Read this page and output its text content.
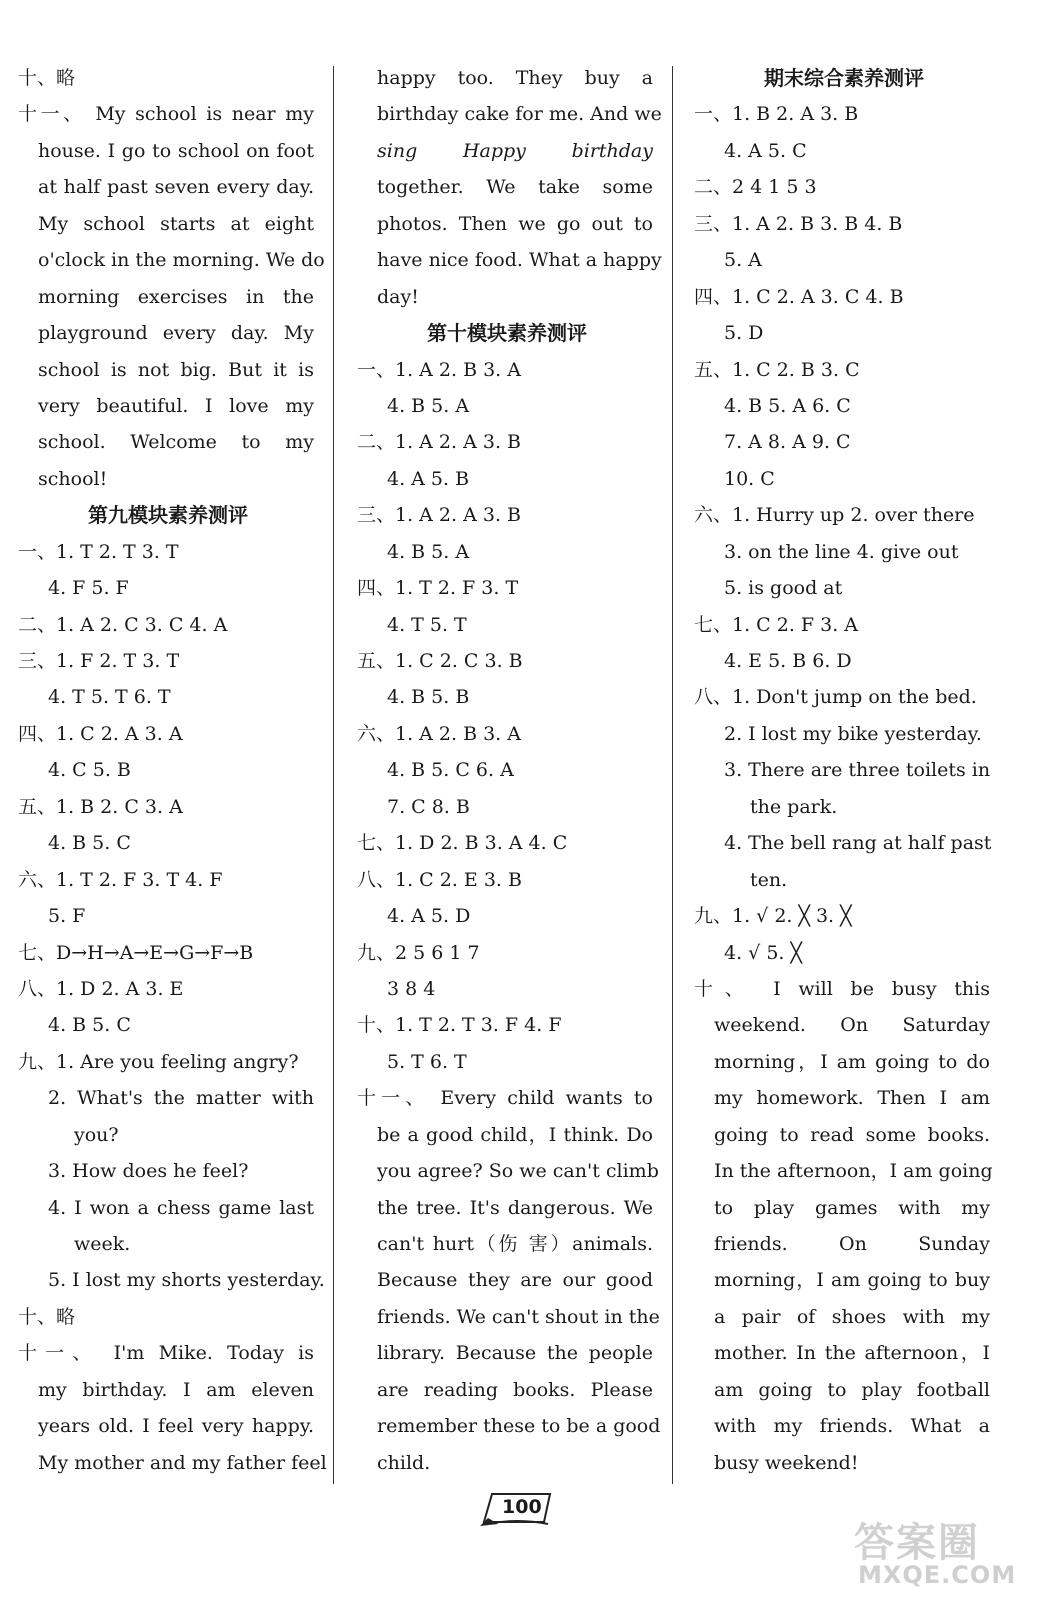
十、略
十一、 My school is near my
house. I go to school on foot
at half past seven every day.
My school starts at eight
o'clock in the morning. We do
morning exercises in the
playground every day. My
school is not big. But it is
very beautiful. I love my
school. Welcome to my
school!
第九模块素养测评
一、1. T 2. T 3. T
4. F 5. F
二、1. A 2. C 3. C 4. A
三、1. F 2. T 3. T
4. T 5. T 6. T
四、1. C 2. A 3. A
4. C 5. B
五、1. B 2. C 3. A
4. B 5. C
六、1. T 2. F 3. T 4. F
5. F
七、D→H→A→E→G→F→B
八、1. D 2. A 3. E
4. B 5. C
九、1. Are you feeling angry?
2. What's the matter with
you?
3. How does he feel?
4. I won a chess game last
week.
5. I lost my shorts yesterday.
十、略
十一、 I'm Mike. Today is
my birthday. I am eleven
years old. I feel very happy.
My mother and my father feel
happy too. They buy a
birthday cake for me. And we
sing Happy birthday
together. We take some
photos. Then we go out to
have nice food. What a happy
day!
第十模块素养测评
一、1. A 2. B 3. A
4. B 5. A
二、1. A 2. A 3. B
4. A 5. B
三、1. A 2. A 3. B
4. B 5. A
四、1. T 2. F 3. T
4. T 5. T
五、1. C 2. C 3. B
4. B 5. B
六、1. A 2. B 3. A
4. B 5. C 6. A
7. C 8. B
七、1. D 2. B 3. A 4. C
八、1. C 2. E 3. B
4. A 5. D
九、2 5 6 1 7
3 8 4
十、1. T 2. T 3. F 4. F
5. T 6. T
十一、 Every child wants to
be a good child，I think. Do
you agree? So we can't climb
the tree. It's dangerous. We
can't hurt（伤 害）animals.
Because they are our good
friends. We can't shout in the
library. Because the people
are reading books. Please
remember these to be a good
child.
期末综合素养测评
一、1. B 2. A 3. B
4. A 5. C
二、2 4 1 5 3
三、1. A 2. B 3. B 4. B
5. A
四、1. C 2. A 3. C 4. B
5. D
五、1. C 2. B 3. C
4. B 5. A 6. C
7. A 8. A 9. C
10. C
六、1. Hurry up 2. over there
3. on the line 4. give out
5. is good at
七、1. C 2. F 3. A
4. E 5. B 6. D
八、1. Don't jump on the bed.
2. I lost my bike yesterday.
3. There are three toilets in
the park.
4. The bell rang at half past
ten.
九、1. √ 2. ╳ 3. ╳
4. √ 5. ╳
十、 I will be busy this
weekend. On Saturday
morning，I am going to do
my homework. Then I am
going to read some books.
In the afternoon，I am going
to play games with my
friends. On Sunday
morning，I am going to buy
a pair of shoes with my
mother. In the afternoon，I
am going to play football
with my friends. What a
busy weekend!
100
答案圈
MXQE.COM
